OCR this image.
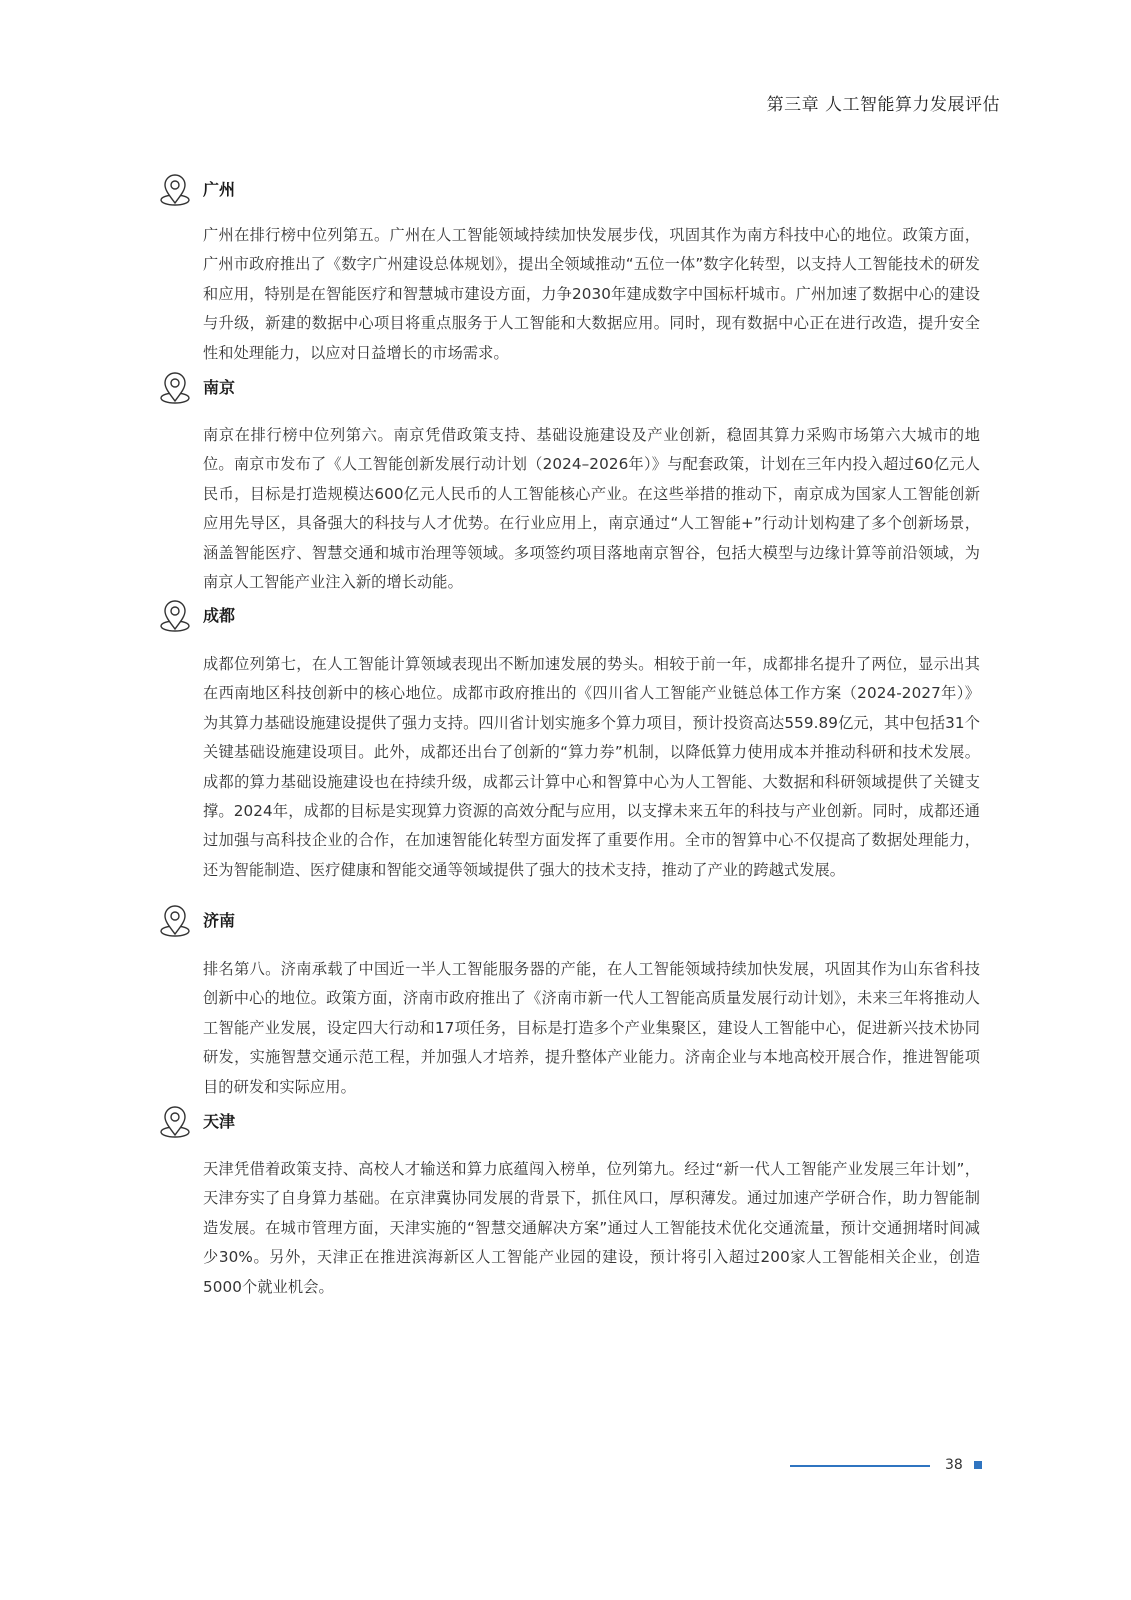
第三章 人工智能算力发展评估
广州

广州在排行榜中位列第五。广州在人工智能领域持续加快发展步伐，巩固其作为南方科技中心的地位。政策方面，广州市政府推出了《数字广州建设总体规划》，提出全领域推动“五位一体”数字化转型，以支持人工智能技术的研发和应用，特别是在智能医疗和智慧城市建设方面，力争2030年建成数字中国标杆城市。广州加速了数据中心的建设与升级，新建的数据中心项目将重点服务于人工智能和大数据应用。同时，现有数据中心正在进行改造，提升安全性和处理能力，以应对日益增长的市场需求。

南京

南京在排行榜中位列第六。南京凭借政策支持、基础设施建设及产业创新，稳固其算力采购市场第六大城市的地位。南京市发布了《人工智能创新发展行动计划（2024–2026年）》与配套政策，计划在三年内投入超过60亿元人民币，目标是打造规模达600亿元人民币的人工智能核心产业。在这些举措的推动下，南京成为国家人工智能创新应用先导区，具备强大的科技与人才优势。在行业应用上，南京通过“人工智能+”行动计划构建了多个创新场景，涵盖智能医疗、智慧交通和城市治理等领域。多项签约项目落地南京智谷，包括大模型与边缘计算等前沿领域，为南京人工智能产业注入新的增长动能。

成都

成都位列第七，在人工智能计算领域表现出不断加速发展的势头。相较于前一年，成都排名提升了两位，显示出其在西南地区科技创新中的核心地位。成都市政府推出的《四川省人工智能产业链总体工作方案（2024-2027年）》为其算力基础设施建设提供了强力支持。四川省计划实施多个算力项目，预计投资高达559.89亿元，其中包括31个关键基础设施建设项目。此外，成都还出台了创新的“算力券”机制，以降低算力使用成本并推动科研和技术发展。成都的算力基础设施建设也在持续升级，成都云计算中心和智算中心为人工智能、大数据和科研领域提供了关键支撑。2024年，成都的目标是实现算力资源的高效分配与应用，以支撑未来五年的科技与产业创新。同时，成都还通过加强与高科技企业的合作，在加速智能化转型方面发挥了重要作用。全市的智算中心不仅提高了数据处理能力，还为智能制造、医疗健康和智能交通等领域提供了强大的技术支持，推动了产业的跨越式发展。

济南

排名第八。济南承载了中国近一半人工智能服务器的产能，在人工智能领域持续加快发展，巩固其作为山东省科技创新中心的地位。政策方面，济南市政府推出了《济南市新一代人工智能高质量发展行动计划》，未来三年将推动人工智能产业发展，设定四大行动和17项任务，目标是打造多个产业集聚区，建设人工智能中心，促进新兴技术协同研发，实施智慧交通示范工程，并加强人才培养，提升整体产业能力。济南企业与本地高校开展合作，推进智能项目的研发和实际应用。

天津

天津凭借着政策支持、高校人才输送和算力底蕴闯入榜单，位列第九。经过“新一代人工智能产业发展三年计划”，天津夯实了自身算力基础。在京津冀协同发展的背景下，抓住风口，厚积薄发。通过加速产学研合作，助力智能制造发展。在城市管理方面，天津实施的“智慧交通解决方案”通过人工智能技术优化交通流量，预计交通拥堵时间减少30%。另外，天津正在推进滨海新区人工智能产业园的建设，预计将引入超过200家人工智能相关企业，创造5000个就业机会。

38
